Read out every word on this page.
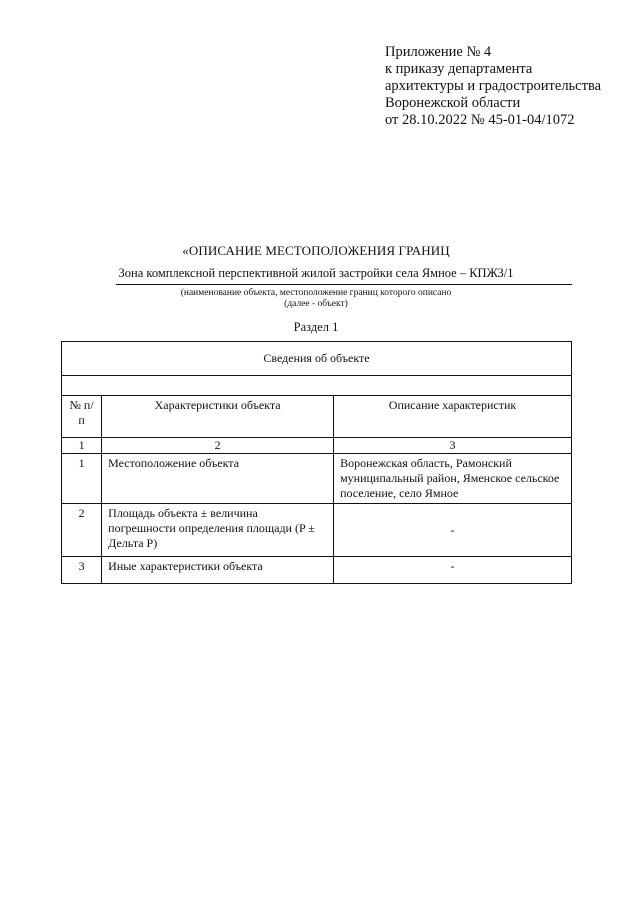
Приложение № 4
к приказу департамента
архитектуры и градостроительства
Воронежской области
от 28.10.2022 № 45-01-04/1072
«ОПИСАНИЕ МЕСТОПОЛОЖЕНИЯ ГРАНИЦ
Зона комплексной перспективной жилой застройки села Ямное – КПЖЗ/1
(наименование объекта, местоположение границ которого описано
(далее - объект)
Раздел 1
Сведения об объекте		

№ п/п	Характеристики объекта	Описание характеристик
1	2	3
1	Местоположение объекта	Воронежская область, Рамонский муниципальный район, Яменское сельское поселение, село Ямное
2	Площадь объекта ± величина погрешности определения площади (P ± Дельта P)	-
3	Иные характеристики объекта	-
